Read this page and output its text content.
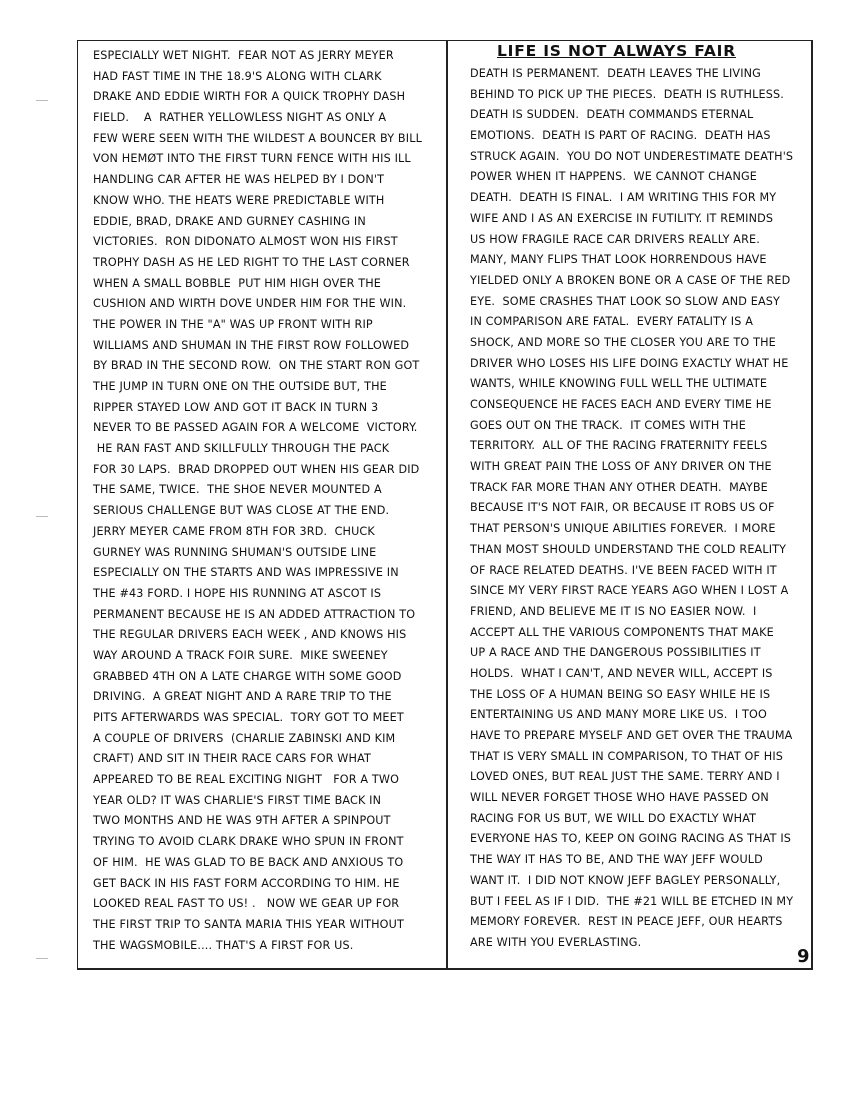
ESPECIALLY WET NIGHT.  FEAR NOT AS JERRY MEYER
HAD FAST TIME IN THE 18.9'S ALONG WITH CLARK
DRAKE AND EDDIE WIRTH FOR A QUICK TROPHY DASH
FIELD.    A  RATHER YELLOWLESS NIGHT AS ONLY A
FEW WERE SEEN WITH THE WILDEST A BOUNCER BY BILL
VON HEMØT INTO THE FIRST TURN FENCE WITH HIS ILL
HANDLING CAR AFTER HE WAS HELPED BY I DON'T
KNOW WHO. THE HEATS WERE PREDICTABLE WITH
EDDIE, BRAD, DRAKE AND GURNEY CASHING IN
VICTORIES.  RON DIDONATO ALMOST WON HIS FIRST
TROPHY DASH AS HE LED RIGHT TO THE LAST CORNER
WHEN A SMALL BOBBLE  PUT HIM HIGH OVER THE
CUSHION AND WIRTH DOVE UNDER HIM FOR THE WIN.
THE POWER IN THE "A" WAS UP FRONT WITH RIP
WILLIAMS AND SHUMAN IN THE FIRST ROW FOLLOWED
BY BRAD IN THE SECOND ROW.  ON THE START RON GOT
THE JUMP IN TURN ONE ON THE OUTSIDE BUT, THE
RIPPER STAYED LOW AND GOT IT BACK IN TURN 3
NEVER TO BE PASSED AGAIN FOR A WELCOME  VICTORY.
HE RAN FAST AND SKILLFULLY THROUGH THE PACK
FOR 30 LAPS.  BRAD DROPPED OUT WHEN HIS GEAR DID
THE SAME, TWICE.  THE SHOE NEVER MOUNTED A
SERIOUS CHALLENGE BUT WAS CLOSE AT THE END.
JERRY MEYER CAME FROM 8TH FOR 3RD.  CHUCK
GURNEY WAS RUNNING SHUMAN'S OUTSIDE LINE
ESPECIALLY ON THE STARTS AND WAS IMPRESSIVE IN
THE #43 FORD. I HOPE HIS RUNNING AT ASCOT IS
PERMANENT BECAUSE HE IS AN ADDED ATTRACTION TO
THE REGULAR DRIVERS EACH WEEK , AND KNOWS HIS
WAY AROUND A TRACK FOIR SURE.  MIKE SWEENEY
GRABBED 4TH ON A LATE CHARGE WITH SOME GOOD
DRIVING.  A GREAT NIGHT AND A RARE TRIP TO THE
PITS AFTERWARDS WAS SPECIAL.  TORY GOT TO MEET
A COUPLE OF DRIVERS  (CHARLIE ZABINSKI AND KIM
CRAFT) AND SIT IN THEIR RACE CARS FOR WHAT
APPEARED TO BE REAL EXCITING NIGHT   FOR A TWO
YEAR OLD? IT WAS CHARLIE'S FIRST TIME BACK IN
TWO MONTHS AND HE WAS 9TH AFTER A SPINPOUT
TRYING TO AVOID CLARK DRAKE WHO SPUN IN FRONT
OF HIM.  HE WAS GLAD TO BE BACK AND ANXIOUS TO
GET BACK IN HIS FAST FORM ACCORDING TO HIM. HE
LOOKED REAL FAST TO US! .   NOW WE GEAR UP FOR
THE FIRST TRIP TO SANTA MARIA THIS YEAR WITHOUT
THE WAGSMOBILE.... THAT'S A FIRST FOR US.
LIFE IS NOT ALWAYS FAIR
DEATH IS PERMANENT.  DEATH LEAVES THE LIVING
BEHIND TO PICK UP THE PIECES.  DEATH IS RUTHLESS.
DEATH IS SUDDEN.  DEATH COMMANDS ETERNAL
EMOTIONS.  DEATH IS PART OF RACING.  DEATH HAS
STRUCK AGAIN.  YOU DO NOT UNDERESTIMATE DEATH'S
POWER WHEN IT HAPPENS.  WE CANNOT CHANGE
DEATH.  DEATH IS FINAL.  I AM WRITING THIS FOR MY
WIFE AND I AS AN EXERCISE IN FUTILITY. IT REMINDS
US HOW FRAGILE RACE CAR DRIVERS REALLY ARE.
MANY, MANY FLIPS THAT LOOK HORRENDOUS HAVE
YIELDED ONLY A BROKEN BONE OR A CASE OF THE RED
EYE.  SOME CRASHES THAT LOOK SO SLOW AND EASY
IN COMPARISON ARE FATAL.  EVERY FATALITY IS A
SHOCK, AND MORE SO THE CLOSER YOU ARE TO THE
DRIVER WHO LOSES HIS LIFE DOING EXACTLY WHAT HE
WANTS, WHILE KNOWING FULL WELL THE ULTIMATE
CONSEQUENCE HE FACES EACH AND EVERY TIME HE
GOES OUT ON THE TRACK.  IT COMES WITH THE
TERRITORY.  ALL OF THE RACING FRATERNITY FEELS
WITH GREAT PAIN THE LOSS OF ANY DRIVER ON THE
TRACK FAR MORE THAN ANY OTHER DEATH.  MAYBE
BECAUSE IT'S NOT FAIR, OR BECAUSE IT ROBS US OF
THAT PERSON'S UNIQUE ABILITIES FOREVER.  I MORE
THAN MOST SHOULD UNDERSTAND THE COLD REALITY
OF RACE RELATED DEATHS. I'VE BEEN FACED WITH IT
SINCE MY VERY FIRST RACE YEARS AGO WHEN I LOST A
FRIEND, AND BELIEVE ME IT IS NO EASIER NOW.  I
ACCEPT ALL THE VARIOUS COMPONENTS THAT MAKE
UP A RACE AND THE DANGEROUS POSSIBILITIES IT
HOLDS.  WHAT I CAN'T, AND NEVER WILL, ACCEPT IS
THE LOSS OF A HUMAN BEING SO EASY WHILE HE IS
ENTERTAINING US AND MANY MORE LIKE US.  I TOO
HAVE TO PREPARE MYSELF AND GET OVER THE TRAUMA
THAT IS VERY SMALL IN COMPARISON, TO THAT OF HIS
LOVED ONES, BUT REAL JUST THE SAME. TERRY AND I
WILL NEVER FORGET THOSE WHO HAVE PASSED ON
RACING FOR US BUT, WE WILL DO EXACTLY WHAT
EVERYONE HAS TO, KEEP ON GOING RACING AS THAT IS
THE WAY IT HAS TO BE, AND THE WAY JEFF WOULD
WANT IT.  I DID NOT KNOW JEFF BAGLEY PERSONALLY,
BUT I FEEL AS IF I DID.  THE #21 WILL BE ETCHED IN MY
MEMORY FOREVER.  REST IN PEACE JEFF, OUR HEARTS
ARE WITH YOU EVERLASTING.
9
